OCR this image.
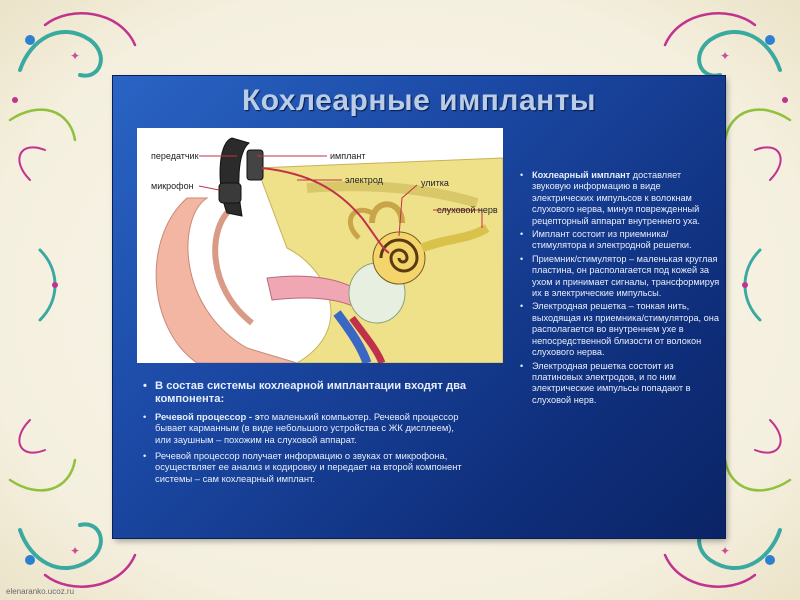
✦	✦
✦	✦
Кохлеарные импланты
передатчик	имплант
электрод
микрофон	улитка
слуховой нерв
• Кохлеарный имплант доставляет звуковую информацию в виде электрических импульсов к волокнам слухового нерва, минуя поврежденный рецепторный аппарат внутреннего уха.
• Имплант состоит из приемника/стимулятора и электродной решетки.
• Приемник/стимулятор – маленькая круглая пластина, он располагается под кожей за ухом и принимает сигналы, трансформируя их в электрические импульсы.
• Электродная решетка – тонкая нить, выходящая из приемника/стимулятора, она располагается во внутреннем ухе в непосредственной близости от волокон слухового нерва.
• Электродная решетка состоит из платиновых электродов, и по ним электрические импульсы попадают в слуховой нерв.
• В состав системы кохлеарной имплантации входят два компонента:
• Речевой процессор - это маленький компьютер. Речевой процессор бывает карманным (в виде небольшого устройства с ЖК дисплеем), или заушным – похожим на слуховой аппарат.
• Речевой процессор получает информацию о звуках от микрофона, осуществляет ее анализ и кодировку и передает на второй компонент системы – сам кохлеарный имплант.
elenaranko.ucoz.ru
